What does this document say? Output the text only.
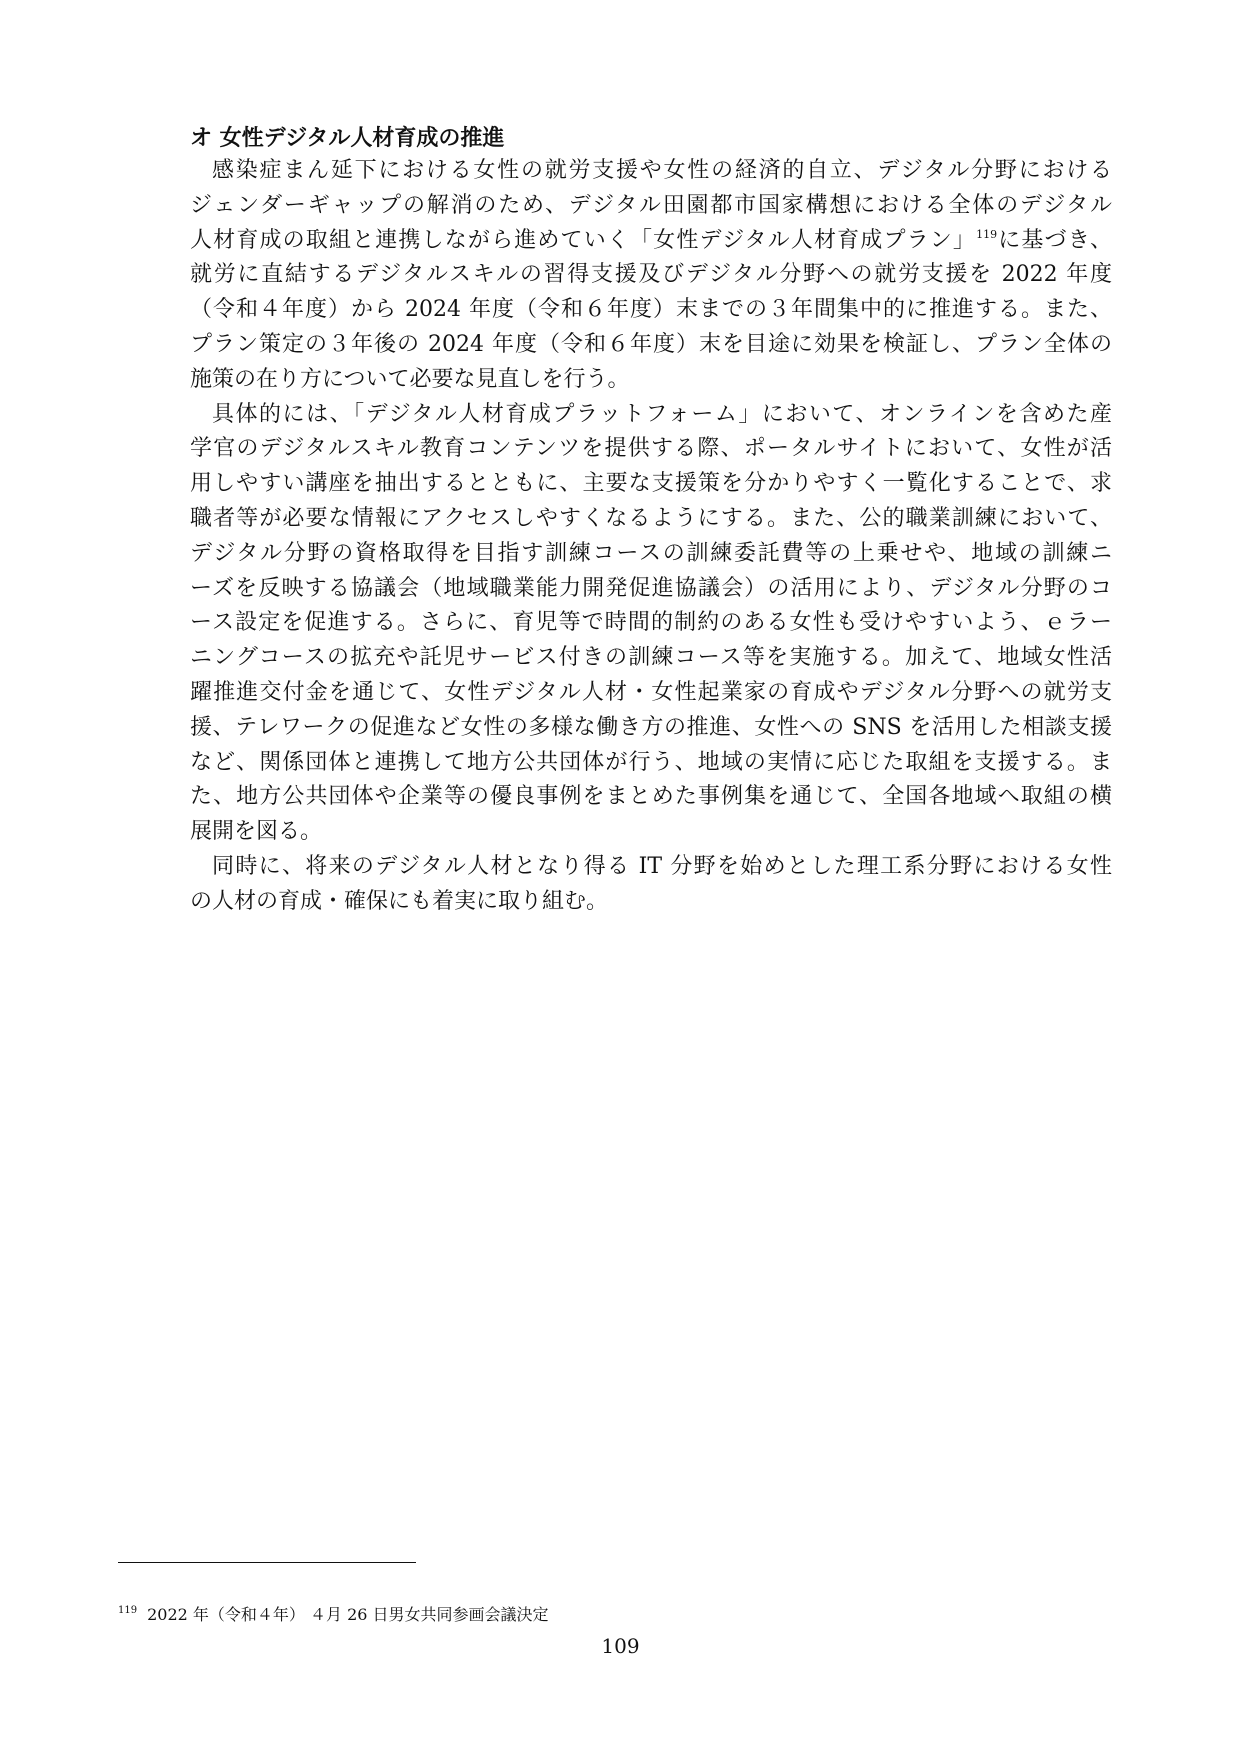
オ 女性デジタル人材育成の推進
感染症まん延下における女性の就労支援や女性の経済的自立、デジタル分野における
ジェンダーギャップの解消のため、デジタル田園都市国家構想における全体のデジタル
人材育成の取組と連携しながら進めていく「女性デジタル人材育成プラン」$^{119}$に基づき、
就労に直結するデジタルスキルの習得支援及びデジタル分野への就労支援を 2022 年度
（令和４年度）から 2024 年度（令和６年度）末までの３年間集中的に推進する。また、
プラン策定の３年後の 2024 年度（令和６年度）末を目途に効果を検証し、プラン全体の
施策の在り方について必要な見直しを行う。
具体的には、「デジタル人材育成プラットフォーム」において、オンラインを含めた産
学官のデジタルスキル教育コンテンツを提供する際、ポータルサイトにおいて、女性が活
用しやすい講座を抽出するとともに、主要な支援策を分かりやすく一覧化することで、求
職者等が必要な情報にアクセスしやすくなるようにする。また、公的職業訓練において、
デジタル分野の資格取得を目指す訓練コースの訓練委託費等の上乗せや、地域の訓練ニ
ーズを反映する協議会（地域職業能力開発促進協議会）の活用により、デジタル分野のコ
ース設定を促進する。さらに、育児等で時間的制約のある女性も受けやすいよう、ｅラー
ニングコースの拡充や託児サービス付きの訓練コース等を実施する。加えて、地域女性活
躍推進交付金を通じて、女性デジタル人材・女性起業家の育成やデジタル分野への就労支
援、テレワークの促進など女性の多様な働き方の推進、女性への SNS を活用した相談支援
など、関係団体と連携して地方公共団体が行う、地域の実情に応じた取組を支援する。ま
た、地方公共団体や企業等の優良事例をまとめた事例集を通じて、全国各地域へ取組の横
展開を図る。
同時に、将来のデジタル人材となり得る IT 分野を始めとした理工系分野における女性
の人材の育成・確保にも着実に取り組む。
$^{119}$ 2022 年（令和４年） ４月 26 日男女共同参画会議決定
109
